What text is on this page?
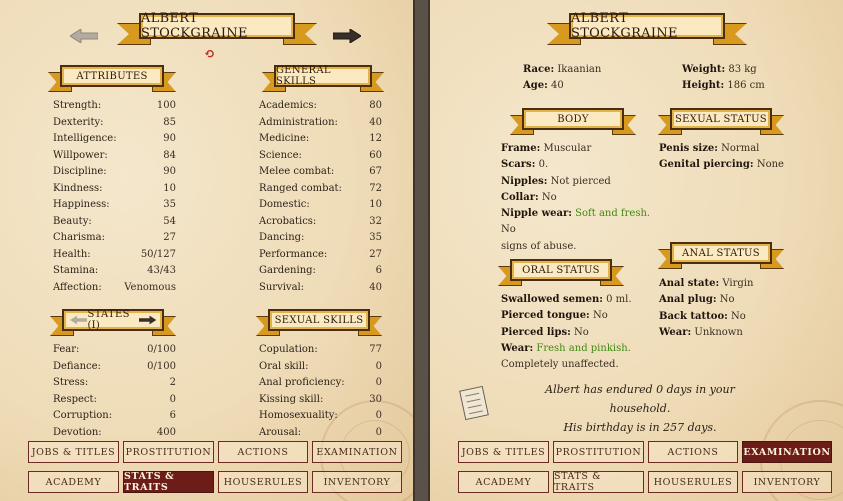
ALBERT STOCKGRAINE
⟲
ATTRIBUTES
Strength:	100
Dexterity:	85
Intelligence:	90
Willpower:	84
Discipline:	90
Kindness:	10
Happiness:	35
Beauty:	54
Charisma:	27
Health:	50/127
Stamina:	43/43
Affection: Venomous
GENERAL SKILLS
Academics:	80
Administration:	40
Medicine:	12
Science:	60
Melee combat:	67
Ranged combat:	72
Domestic:	10
Acrobatics:	32
Dancing:	35
Performance:	27
Gardening:	6
Survival:	40
STATES (I)
Fear:	0/100
Defiance:	0/100
Stress:	2
Respect:	0
Corruption:	6
Devotion:	400
SEXUAL SKILLS
Copulation:	77
Oral skill:	0
Anal proficiency:	0
Kissing skill:	30
Homosexuality:	0
Arousal:	0
JOBS & TITLES	PROSTITUTION	ACTIONS	EXAMINATION
ACADEMY	STATS & TRAITS	HOUSERULES	INVENTORY
ALBERT STOCKGRAINE
Race: Ikaanian
Age: 40
Weight: 83 kg
Height: 186 cm
BODY
Frame: Muscular
Scars: 0.
Nipples: Not pierced
Collar: No
Nipple wear: Soft and fresh. No
signs of abuse.
SEXUAL STATUS
Penis size: Normal
Genital piercing: None
ORAL STATUS
Swallowed semen: 0 ml.
Pierced tongue: No
Pierced lips: No
Wear: Fresh and pinkish.
Completely unaffected.
ANAL STATUS
Anal state: Virgin
Anal plug: No
Back tattoo: No
Wear: Unknown
Albert has endured 0 days in your household.
His birthday is in 257 days.
JOBS & TITLES	PROSTITUTION	ACTIONS	EXAMINATION
ACADEMY	STATS & TRAITS	HOUSERULES	INVENTORY
